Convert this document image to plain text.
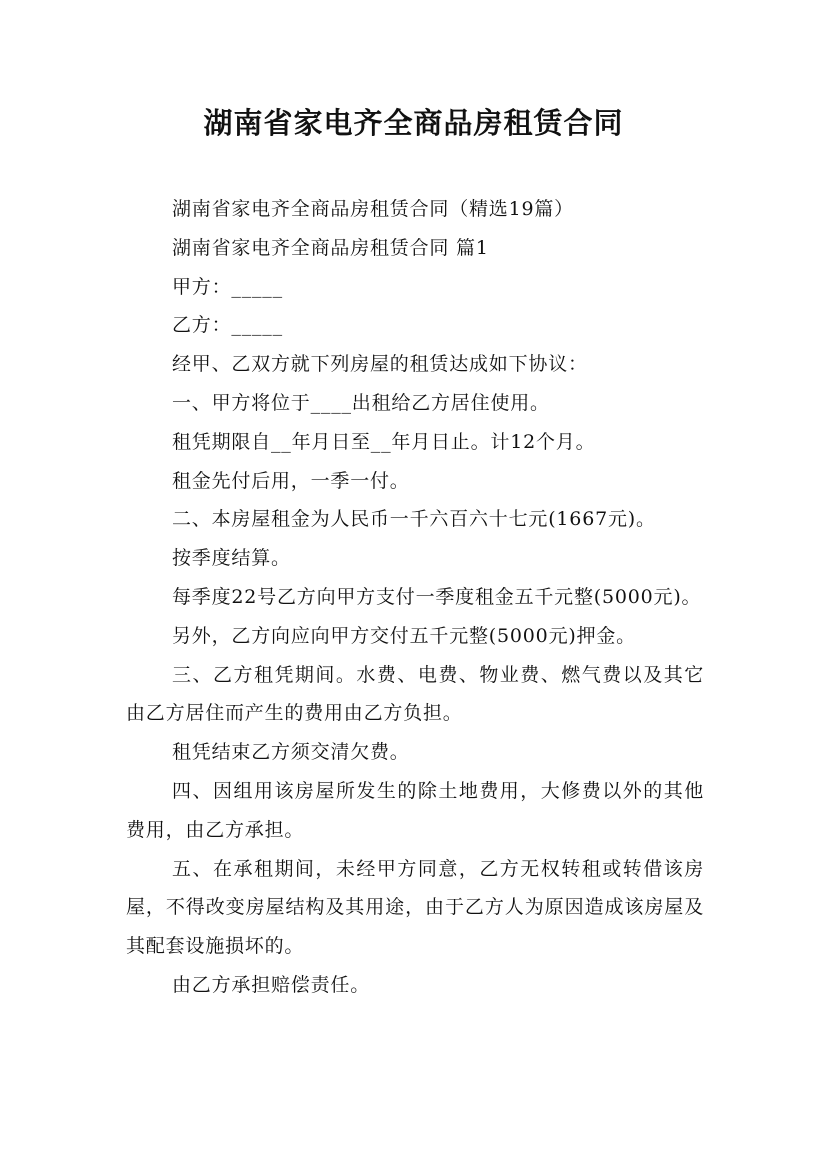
湖南省家电齐全商品房租赁合同

湖南省家电齐全商品房租赁合同（精选19篇）

湖南省家电齐全商品房租赁合同 篇1

甲方：_____

乙方：_____

经甲、乙双方就下列房屋的租赁达成如下协议：

一、甲方将位于____出租给乙方居住使用。

租凭期限自__年月日至__年月日止。计12个月。

租金先付后用，一季一付。

二、本房屋租金为人民币一千六百六十七元(1667元)。

按季度结算。

每季度22号乙方向甲方支付一季度租金五千元整(5000元)。

另外，乙方向应向甲方交付五千元整(5000元)押金。

三、乙方租凭期间。水费、电费、物业费、燃气费以及其它由乙方居住而产生的费用由乙方负担。

租凭结束乙方须交清欠费。

四、因组用该房屋所发生的除土地费用，大修费以外的其他费用，由乙方承担。

五、在承租期间，未经甲方同意，乙方无权转租或转借该房屋，不得改变房屋结构及其用途，由于乙方人为原因造成该房屋及其配套设施损坏的。

由乙方承担赔偿责任。
